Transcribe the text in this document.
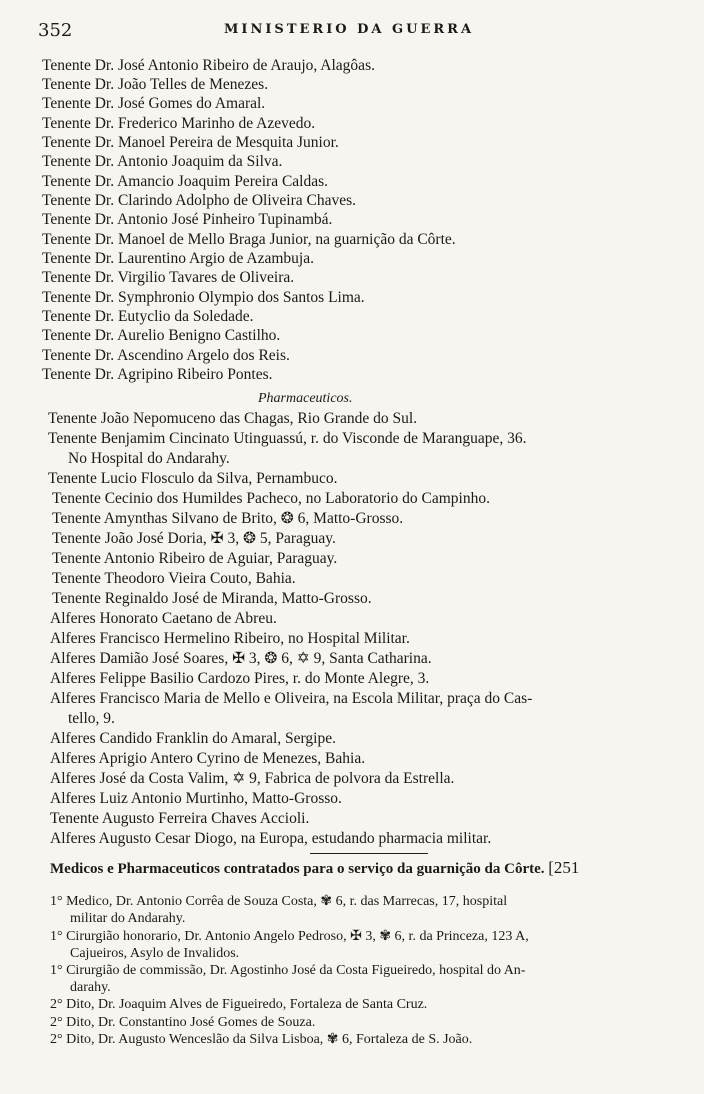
352	MINISTERIO DA GUERRA
Tenente Dr. José Antonio Ribeiro de Araujo, Alagôas.
Tenente Dr. João Telles de Menezes.
Tenente Dr. José Gomes do Amaral.
Tenente Dr. Frederico Marinho de Azevedo.
Tenente Dr. Manoel Pereira de Mesquita Junior.
Tenente Dr. Antonio Joaquim da Silva.
Tenente Dr. Amancio Joaquim Pereira Caldas.
Tenente Dr. Clarindo Adolpho de Oliveira Chaves.
Tenente Dr. Antonio José Pinheiro Tupinambá.
Tenente Dr. Manoel de Mello Braga Junior, na guarnição da Côrte.
Tenente Dr. Laurentino Argio de Azambuja.
Tenente Dr. Virgilio Tavares de Oliveira.
Tenente Dr. Symphronio Olympio dos Santos Lima.
Tenente Dr. Eutyclio da Soledade.
Tenente Dr. Aurelio Benigno Castilho.
Tenente Dr. Ascendino Argelo dos Reis.
Tenente Dr. Agripino Ribeiro Pontes.
Pharmaceuticos.
Tenente João Nepomuceno das Chagas, Rio Grande do Sul.
Tenente Benjamim Cincinato Utinguassú, r. do Visconde de Maranguape, 36.
No Hospital do Andarahy.
Tenente Lucio Flosculo da Silva, Pernambuco.
Tenente Cecinio dos Humildes Pacheco, no Laboratorio do Campinho.
Tenente Amynthas Silvano de Brito, ❂ 6, Matto-Grosso.
Tenente João José Doria, ✠ 3, ❂ 5, Paraguay.
Tenente Antonio Ribeiro de Aguiar, Paraguay.
Tenente Theodoro Vieira Couto, Bahia.
Tenente Reginaldo José de Miranda, Matto-Grosso.
Alferes Honorato Caetano de Abreu.
Alferes Francisco Hermelino Ribeiro, no Hospital Militar.
Alferes Damião José Soares, ✠ 3, ❂ 6, ✡ 9, Santa Catharina.
Alferes Felippe Basilio Cardozo Pires, r. do Monte Alegre, 3.
Alferes Francisco Maria de Mello e Oliveira, na Escola Militar, praça do Cas-
tello, 9.
Alferes Candido Franklin do Amaral, Sergipe.
Alferes Aprigio Antero Cyrino de Menezes, Bahia.
Alferes José da Costa Valim, ✡ 9, Fabrica de polvora da Estrella.
Alferes Luiz Antonio Murtinho, Matto-Grosso.
Tenente Augusto Ferreira Chaves Accioli.
Alferes Augusto Cesar Diogo, na Europa, estudando pharmacia militar.
Medicos e Pharmaceuticos contratados para o serviço da guarnição da Côrte. [251
1° Medico, Dr. Antonio Corrêa de Souza Costa, ✾ 6, r. das Marrecas, 17, hospital
militar do Andarahy.
1° Cirurgião honorario, Dr. Antonio Angelo Pedroso, ✠ 3, ✾ 6, r. da Princeza, 123 A,
Cajueiros, Asylo de Invalidos.
1° Cirurgião de commissão, Dr. Agostinho José da Costa Figueiredo, hospital do An-
darahy.
2° Dito, Dr. Joaquim Alves de Figueiredo, Fortaleza de Santa Cruz.
2° Dito, Dr. Constantino José Gomes de Souza.
2° Dito, Dr. Augusto Wenceslão da Silva Lisboa, ✾ 6, Fortaleza de S. João.
